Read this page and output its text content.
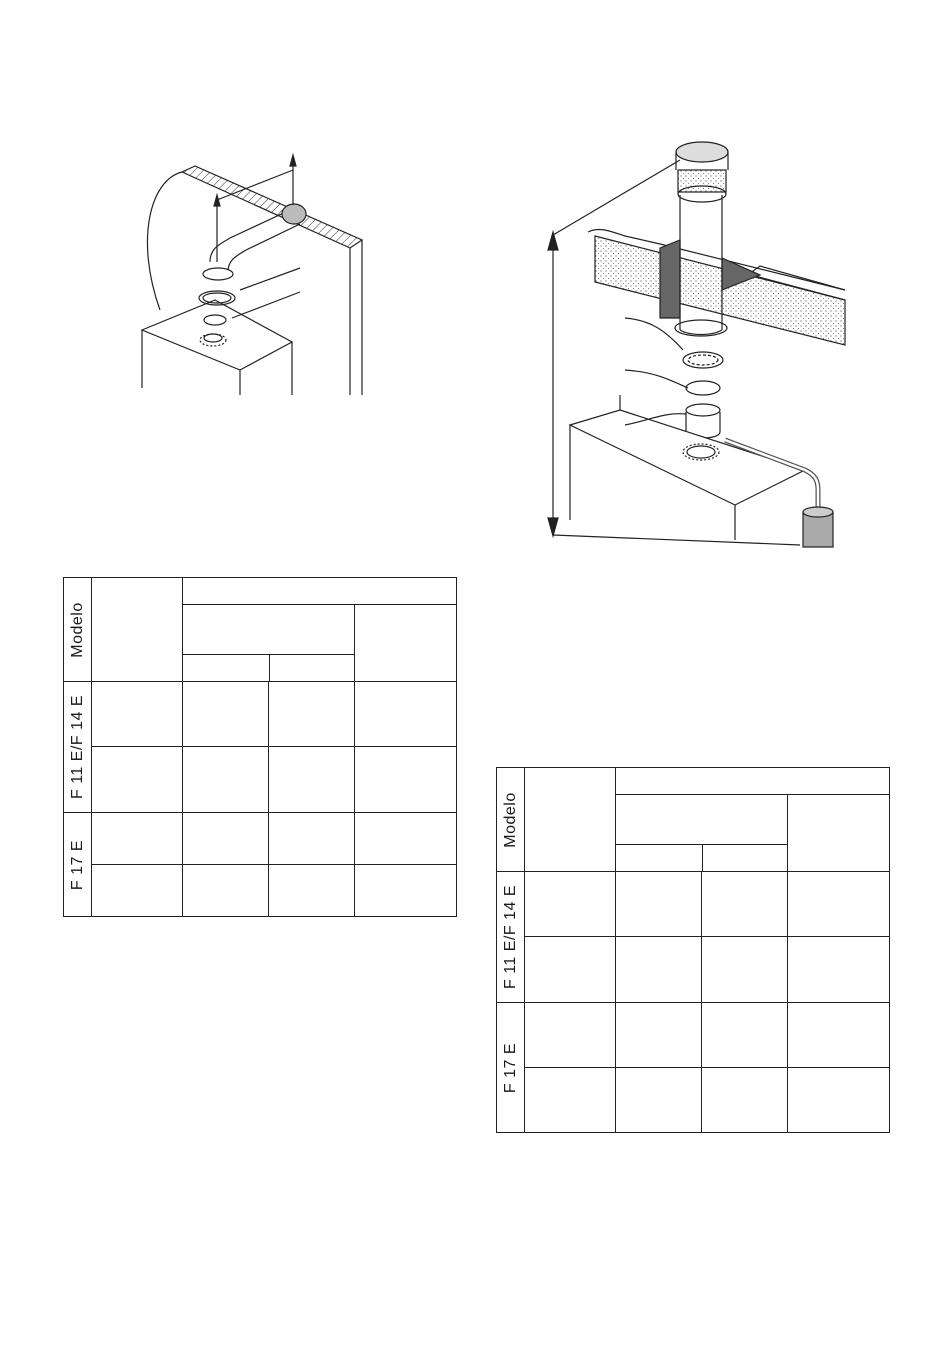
Modelo				

F 11 E/F 14 E				

F 17 E				

Modelo				

F 11 E/F 14 E				

F 17 E				
